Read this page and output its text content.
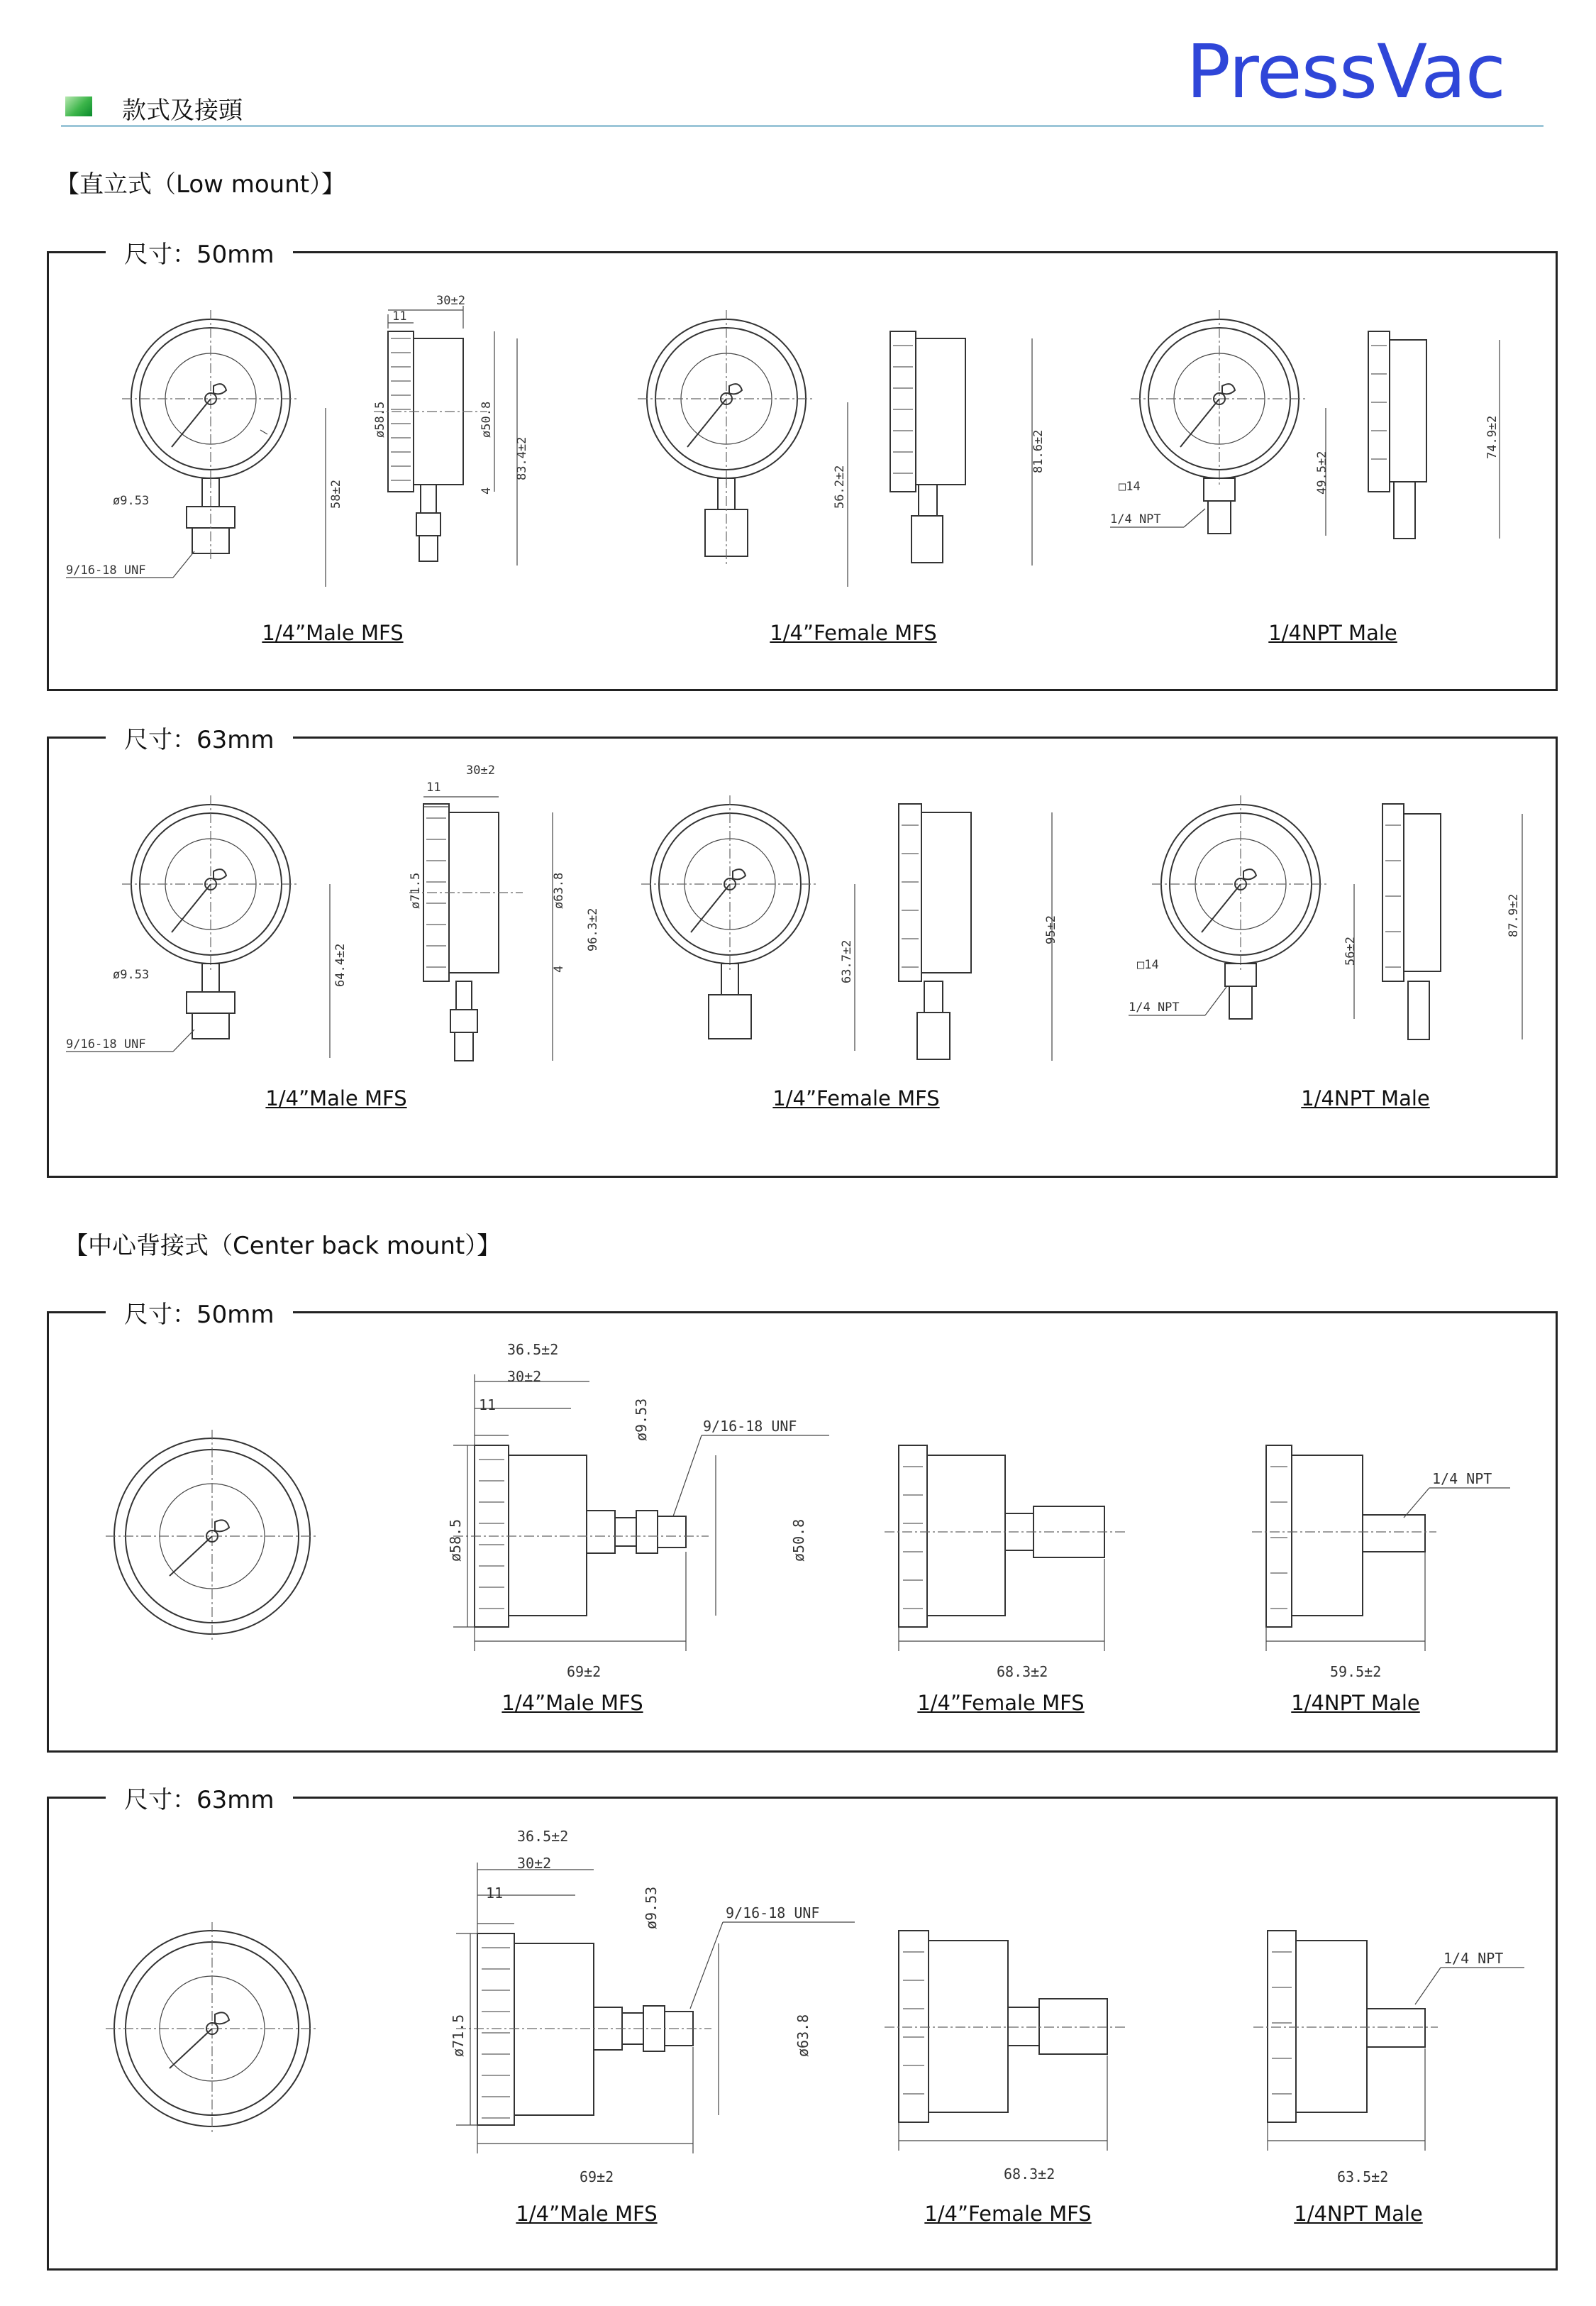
款式及接頭	PressVac
【直立式（Low mount）】
尺寸：50mm
ø9.53
9/16-18 UNF
58±2
30±2
11
ø58.5	ø50.8
4
83.4±2
56.2±2
81.6±2
□14
1/4 NPT
49.5±2
74.9±2
1/4”Male MFS	1/4”Female MFS	1/4NPT Male
尺寸：63mm
ø9.53
9/16-18 UNF
64.4±2
30±2
11
ø71.5	ø63.8
4
96.3±2
63.7±2
95±2
□14
1/4 NPT
56±2
87.9±2
1/4”Male MFS	1/4”Female MFS	1/4NPT Male
【中心背接式（Center back mount）】
尺寸：50mm
36.5±2
30±2
11	ø9.53	9/16-18 UNF
ø58.5	ø50.8
69±2	68.3±2
1/4 NPT
59.5±2
1/4”Male MFS	1/4”Female MFS	1/4NPT Male
尺寸：63mm
36.5±2
30±2
11	ø9.53	9/16-18 UNF
ø71.5	ø63.8
69±2	68.3±2
1/4 NPT
63.5±2
1/4”Male MFS	1/4”Female MFS	1/4NPT Male
